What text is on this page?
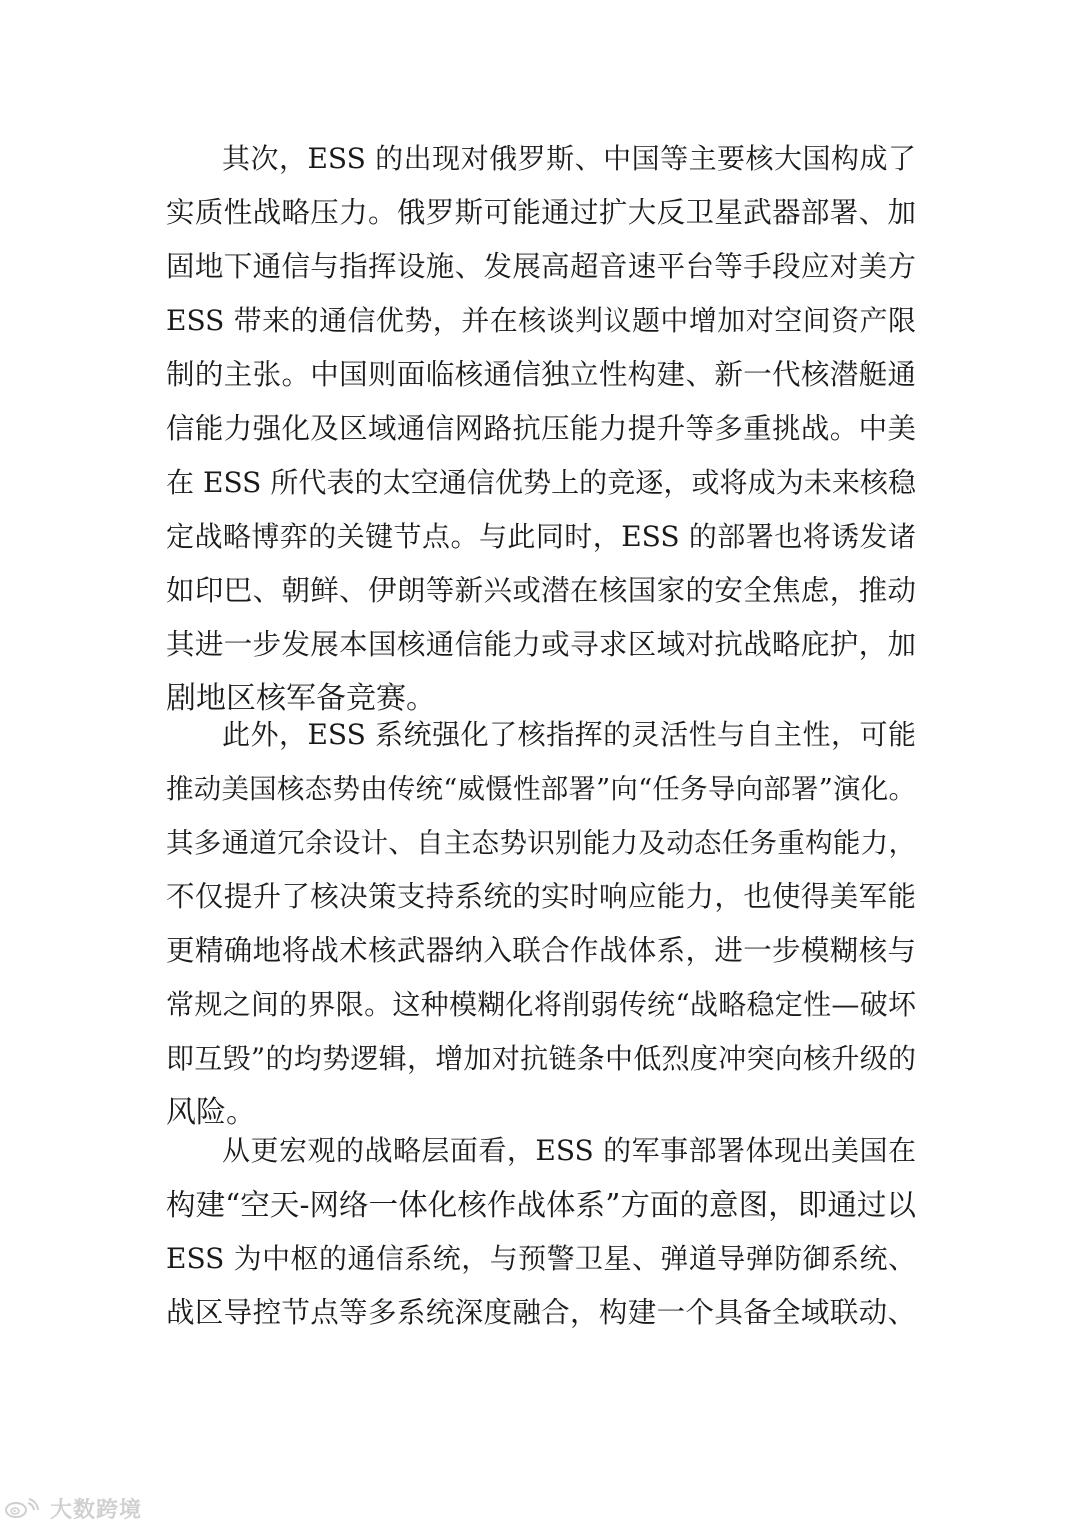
其次，ESS 的出现对俄罗斯、中国等主要核大国构成了
实质性战略压力。俄罗斯可能通过扩大反卫星武器部署、加
固地下通信与指挥设施、发展高超音速平台等手段应对美方
ESS 带来的通信优势，并在核谈判议题中增加对空间资产限
制的主张。中国则面临核通信独立性构建、新一代核潜艇通
信能力强化及区域通信网路抗压能力提升等多重挑战。中美
在 ESS 所代表的太空通信优势上的竞逐，或将成为未来核稳
定战略博弈的关键节点。与此同时，ESS 的部署也将诱发诸
如印巴、朝鲜、伊朗等新兴或潜在核国家的安全焦虑，推动
其进一步发展本国核通信能力或寻求区域对抗战略庇护，加
剧地区核军备竞赛。
此外，ESS 系统强化了核指挥的灵活性与自主性，可能
推动美国核态势由传统“威慑性部署”向“任务导向部署”演化。
其多通道冗余设计、自主态势识别能力及动态任务重构能力，
不仅提升了核决策支持系统的实时响应能力，也使得美军能
更精确地将战术核武器纳入联合作战体系，进一步模糊核与
常规之间的界限。这种模糊化将削弱传统“战略稳定性—破坏
即互毁”的均势逻辑，增加对抗链条中低烈度冲突向核升级的
风险。
从更宏观的战略层面看，ESS 的军事部署体现出美国在
构建“空天-网络一体化核作战体系”方面的意图，即通过以
ESS 为中枢的通信系统，与预警卫星、弹道导弹防御系统、
战区导控节点等多系统深度融合，构建一个具备全域联动、
大数跨境
